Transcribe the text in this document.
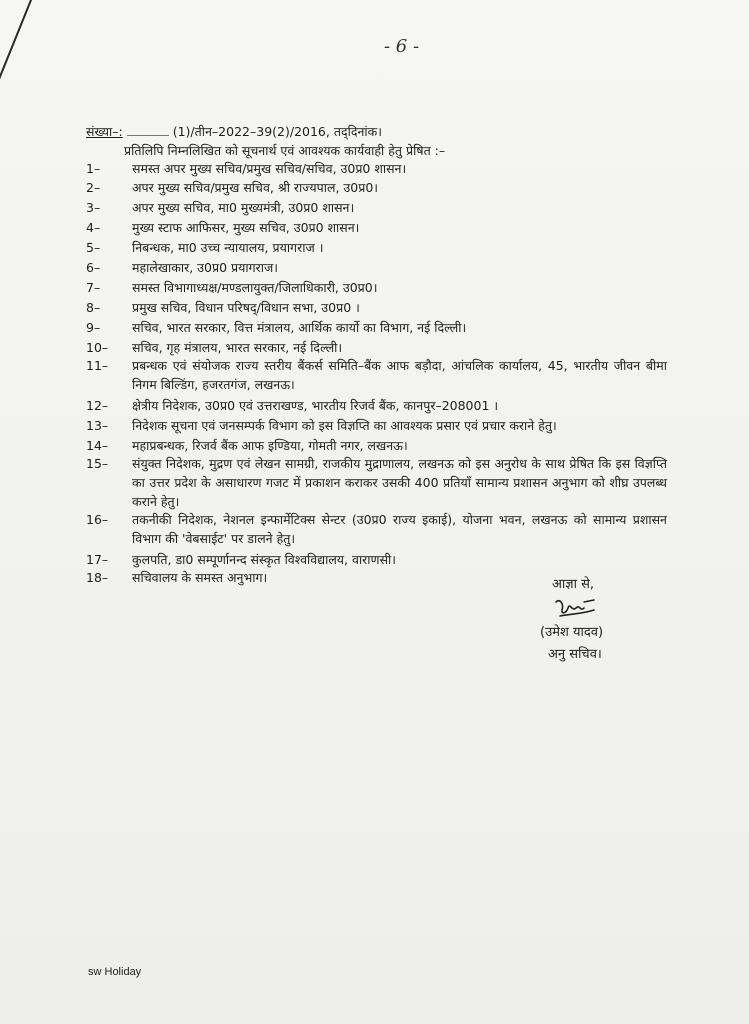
- 6 -
संख्या–:	(1)/तीन–2022–39(2)/2016, तद्‌दिनांक।
प्रतिलिपि निम्नलिखित को सूचनार्थ एवं आवश्यक कार्यवाही हेतु प्रेषित :–
1–	समस्त अपर मुख्य सचिव/प्रमुख सचिव/सचिव, उ0प्र0 शासन।
2–	अपर मुख्य सचिव/प्रमुख सचिव, श्री राज्यपाल, उ0प्र0।
3–	अपर मुख्य सचिव, मा0 मुख्यमंत्री, उ0प्र0 शासन।
4–	मुख्य स्टाफ आफिसर, मुख्य सचिव, उ0प्र0 शासन।
5–	निबन्धक, मा0 उच्च न्यायालय, प्रयागराज ।
6–	महालेखाकार, उ0प्र0 प्रयागराज।
7–	समस्त विभागाध्यक्ष/मण्डलायुक्त/जिलाधिकारी, उ0प्र0।
8–	प्रमुख सचिव, विधान परिषद्/विधान सभा, उ0प्र0 ।
9–	सचिव, भारत सरकार, वित्त मंत्रालय, आर्थिक कार्यो का विभाग, नई दिल्ली।
10–	सचिव, गृह मंत्रालय, भारत सरकार, नई दिल्ली।
11–	प्रबन्धक एवं संयोजक राज्य स्तरीय बैंकर्स समिति–बैंक आफ बड़ौदा, आंचलिक कार्यालय, 45, भारतीय जीवन बीमा निगम बिल्डिंग, हजरतगंज, लखनऊ।
12–	क्षेत्रीय निदेशक, उ0प्र0 एवं उत्तराखण्ड, भारतीय रिजर्व बैंक, कानपुर–208001 ।
13–	निदेशक सूचना एवं जनसम्पर्क विभाग को इस विज्ञप्ति का आवश्यक प्रसार एवं प्रचार कराने हेतु।
14–	महाप्रबन्धक, रिजर्व बैंक आफ इण्डिया, गोमती नगर, लखनऊ।
15–	संयुक्त निदेशक, मुद्रण एवं लेखन सामग्री, राजकीय मुद्राणालय, लखनऊ को इस अनुरोध के साथ प्रेषित कि इस विज्ञप्ति का उत्तर प्रदेश के असाधारण गजट में प्रकाशन कराकर उसकी 400 प्रतियाँ सामान्य प्रशासन अनुभाग को शीघ्र उपलब्ध कराने हेतु।
16–	तकनीकी निदेशक, नेशनल इन्फार्मेटिक्स सेन्टर (उ0प्र0 राज्य इकाई), योजना भवन, लखनऊ को सामान्य प्रशासन विभाग की 'वेबसाईट' पर डालने हेतु।
17–	कुलपति, डा0 सम्पूर्णानन्द संस्कृत विश्वविद्यालय, वाराणसी।
18–	सचिवालय के समस्त अनुभाग।	आज्ञा से,
(उमेश यादव)
अनु सचिव।
sw Holiday
